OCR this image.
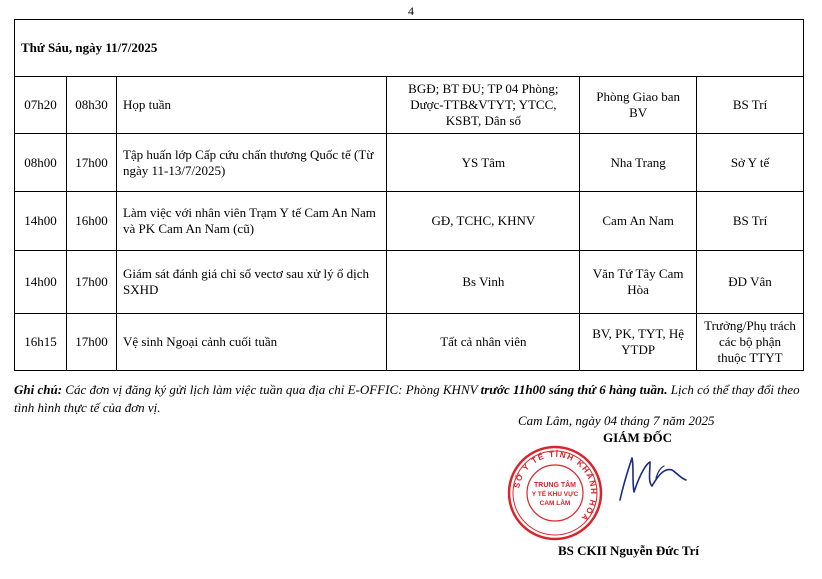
4
Thứ Sáu, ngày 11/7/2025					
07h20	08h30	Họp tuần	BGĐ; BT ĐU; TP 04 Phòng; Dược-TTB&VTYT; YTCC, KSBT, Dân số	Phòng Giao ban BV	BS Trí
08h00	17h00	Tập huấn lớp Cấp cứu chấn thương Quốc tế (Từ ngày 11-13/7/2025)	YS Tâm	Nha Trang	Sở Y tế
14h00	16h00	Làm việc với nhân viên Trạm Y tế Cam An Nam và PK Cam An Nam (cũ)	GĐ, TCHC, KHNV	Cam An Nam	BS Trí
14h00	17h00	Giám sát đánh giá chỉ số vectơ sau xử lý ổ dịch SXHD	Bs Vinh	Văn Tứ Tây Cam Hòa	ĐD Vân
16h15	17h00	Vệ sinh Ngoại cảnh cuối tuần	Tất cả nhân viên	BV, PK, TYT, Hệ YTDP	Trưởng/Phụ trách các bộ phận thuộc TTYT
Ghi chú: Các đơn vị đăng ký gửi lịch làm việc tuần qua địa chỉ E-OFFIC: Phòng KHNV trước 11h00 sáng thứ 6 hàng tuần. Lịch có thể thay đổi theo tình hình thực tế của đơn vị.
Cam Lâm, ngày 04 tháng 7 năm 2025
GIÁM ĐỐC
SỞ Y TẾ TỈNH KHÁNH HÒA
TRUNG TÂM
Y TẾ KHU VỰC
CAM LÂM
BS CKII Nguyễn Đức Trí
